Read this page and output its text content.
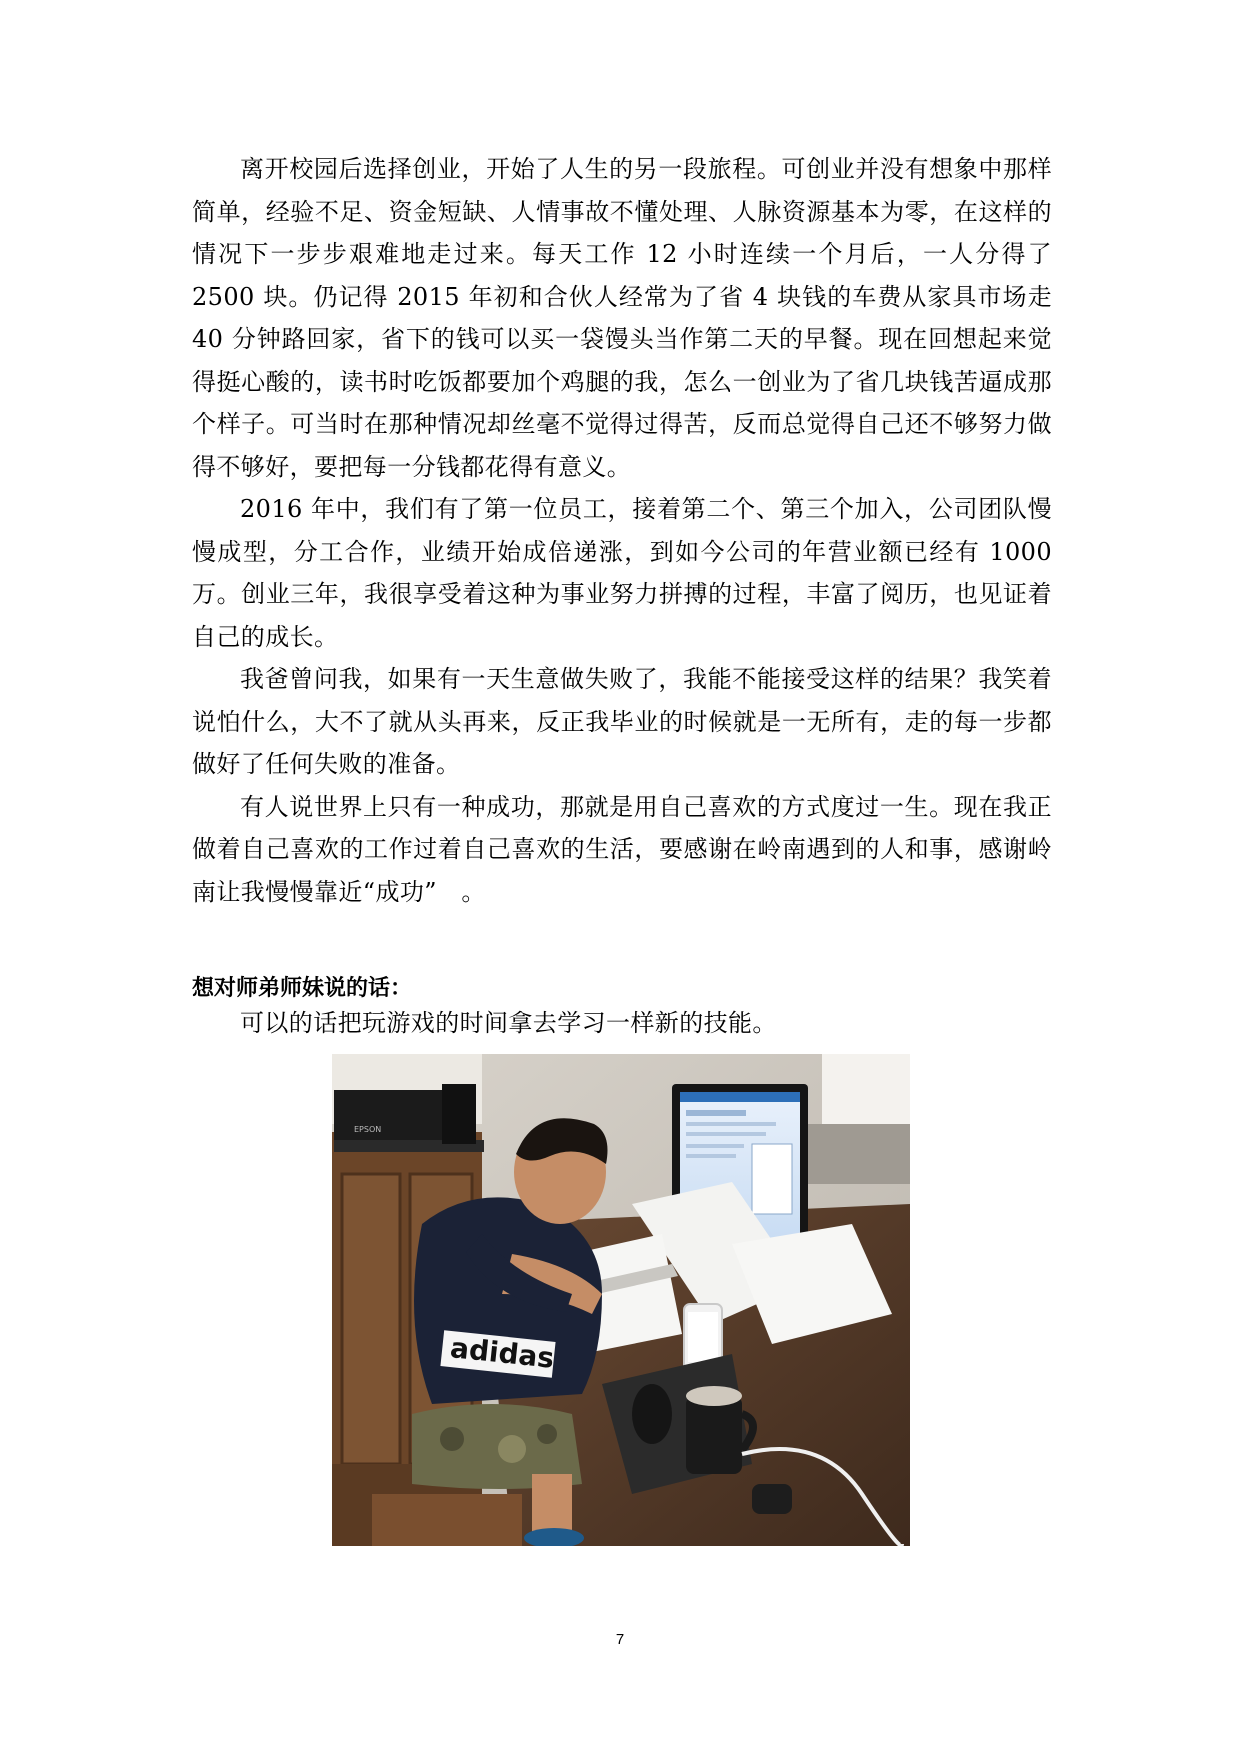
离开校园后选择创业，开始了人生的另一段旅程。可创业并没有想象中那样简单，经验不足、资金短缺、人情事故不懂处理、人脉资源基本为零，在这样的情况下一步步艰难地走过来。每天工作 12 小时连续一个月后，一人分得了 2500 块。仍记得 2015 年初和合伙人经常为了省 4 块钱的车费从家具市场走 40 分钟路回家，省下的钱可以买一袋馒头当作第二天的早餐。现在回想起来觉得挺心酸的，读书时吃饭都要加个鸡腿的我，怎么一创业为了省几块钱苦逼成那个样子。可当时在那种情况却丝毫不觉得过得苦，反而总觉得自己还不够努力做得不够好，要把每一分钱都花得有意义。

2016 年中，我们有了第一位员工，接着第二个、第三个加入，公司团队慢慢成型，分工合作，业绩开始成倍递涨，到如今公司的年营业额已经有 1000 万。创业三年，我很享受着这种为事业努力拼搏的过程，丰富了阅历，也见证着自己的成长。

我爸曾问我，如果有一天生意做失败了，我能不能接受这样的结果？我笑着说怕什么，大不了就从头再来，反正我毕业的时候就是一无所有，走的每一步都做好了任何失败的准备。

有人说世界上只有一种成功，那就是用自己喜欢的方式度过一生。现在我正做着自己喜欢的工作过着自己喜欢的生活，要感谢在岭南遇到的人和事，感谢岭南让我慢慢靠近“成功”　。

想对师弟师妹说的话：
可以的话把玩游戏的时间拿去学习一样新的技能。
EPSON
adidas
7
